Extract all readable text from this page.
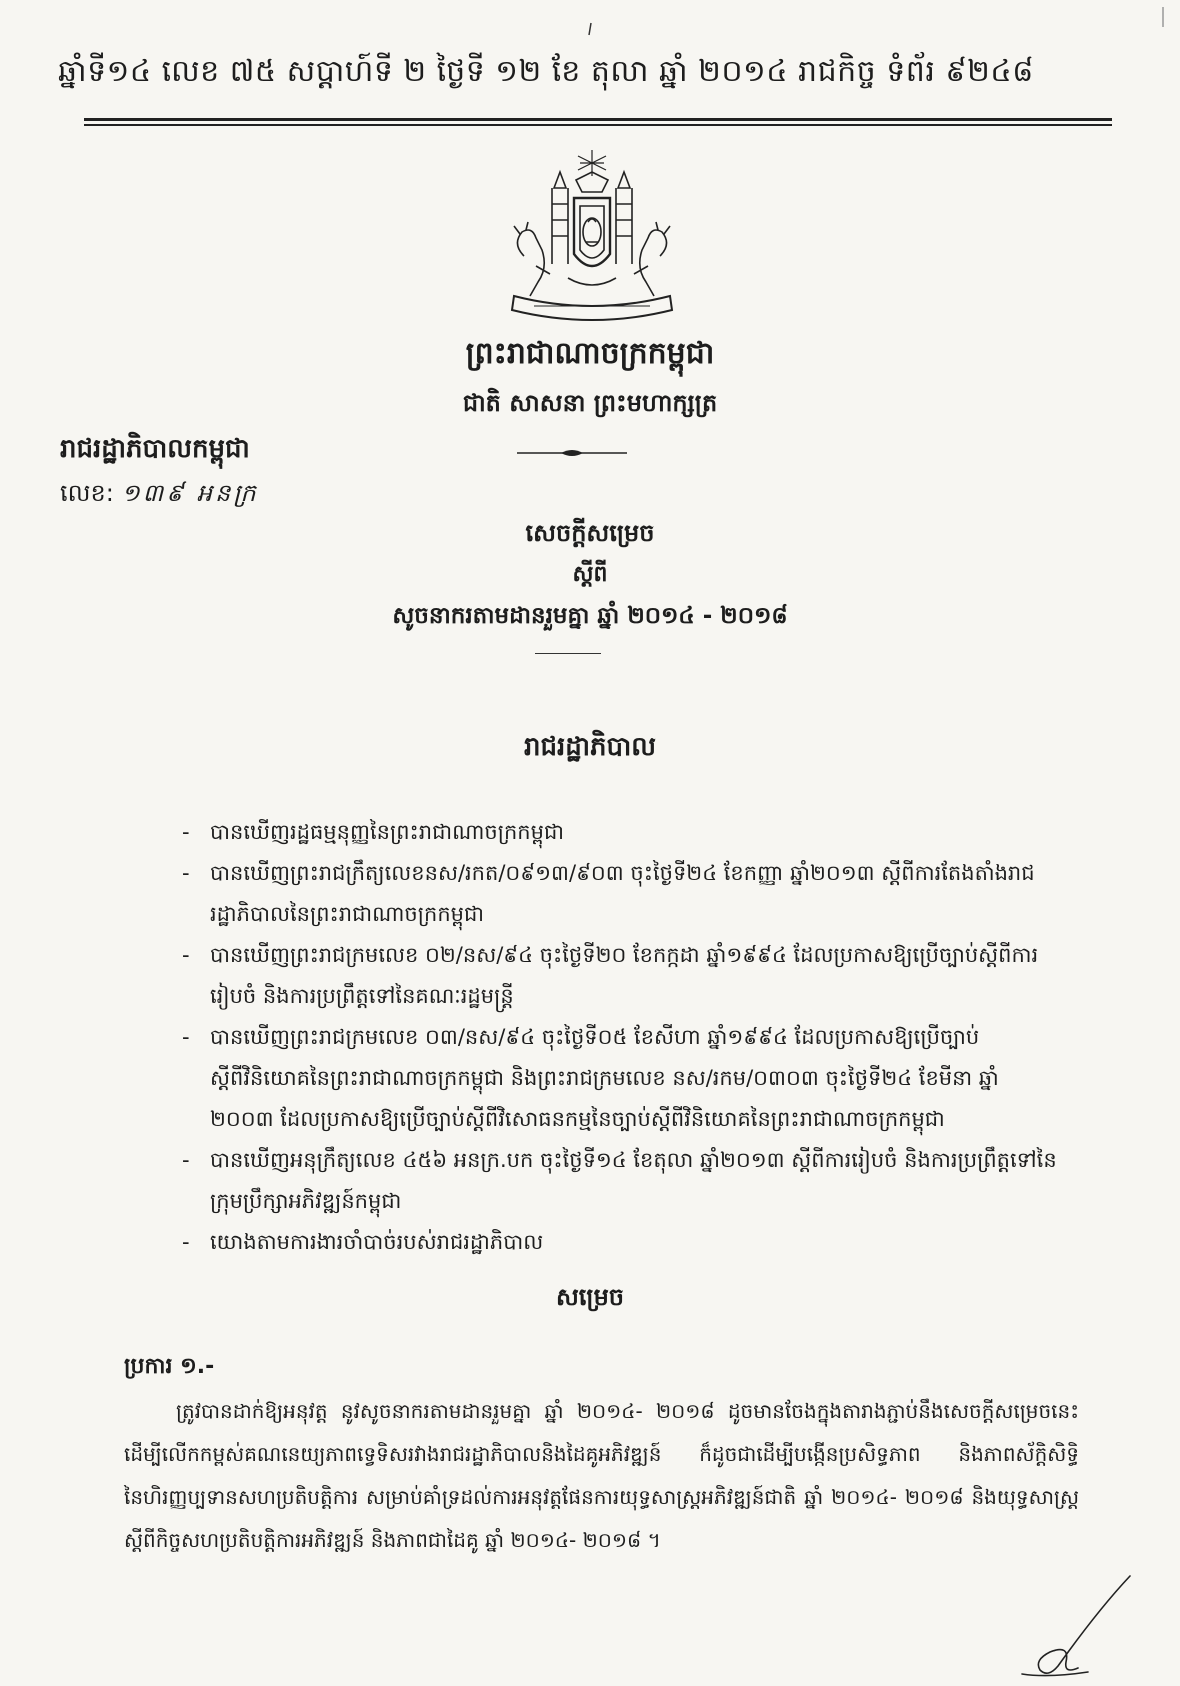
ឆ្នាំទី១៤ លេខ ៧៥ សប្តាហ៍ទី ២ ថ្ងៃទី ១២ ខែ តុលា ឆ្នាំ ២០១៤ រាជកិច្ច ទំព័រ ៩២៤៨
ព្រះរាជាណាចក្រកម្ពុជា
ជាតិ សាសនា ព្រះមហាក្សត្រ
រាជរដ្ឋាភិបាលកម្ពុជា
លេខ: ១៣៩ អនក្រ
សេចក្តីសម្រេច
ស្តីពី
សូចនាករតាមដានរួមគ្នា ឆ្នាំ ២០១៤ - ២០១៨
រាជរដ្ឋាភិបាល
- បានឃើញរដ្ឋធម្មនុញ្ញនៃព្រះរាជាណាចក្រកម្ពុជា
- បានឃើញព្រះរាជក្រឹត្យលេខនស/រកត/០៩១៣/៩០៣ ចុះថ្ងៃទី២៤ ខែកញ្ញា ឆ្នាំ២០១៣ ស្តីពីការតែងតាំងរាជរដ្ឋាភិបាលនៃព្រះរាជាណាចក្រកម្ពុជា
- បានឃើញព្រះរាជក្រមលេខ ០២/នស/៩៤ ចុះថ្ងៃទី២០ ខែកក្កដា ឆ្នាំ១៩៩៤ ដែលប្រកាសឱ្យប្រើច្បាប់ស្តីពីការរៀបចំ និងការប្រព្រឹត្តទៅនៃគណៈរដ្ឋមន្ត្រី
- បានឃើញព្រះរាជក្រមលេខ ០៣/នស/៩៤ ចុះថ្ងៃទី០៥ ខែសីហា ឆ្នាំ១៩៩៤ ដែលប្រកាសឱ្យប្រើច្បាប់ស្តីពីវិនិយោគនៃព្រះរាជាណាចក្រកម្ពុជា និងព្រះរាជក្រមលេខ នស/រកម/០៣០៣ ចុះថ្ងៃទី២៤ ខែមីនា ឆ្នាំ ២០០៣ ដែលប្រកាសឱ្យប្រើច្បាប់ស្តីពីវិសោធនកម្មនៃច្បាប់ស្តីពីវិនិយោគនៃព្រះរាជាណាចក្រកម្ពុជា
- បានឃើញអនុក្រឹត្យលេខ ៤៥៦ អនក្រ.បក ចុះថ្ងៃទី១៤ ខែតុលា ឆ្នាំ២០១៣ ស្តីពីការរៀបចំ និងការប្រព្រឹត្តទៅនៃក្រុមប្រឹក្សាអភិវឌ្ឍន៍កម្ពុជា
- យោងតាមការងារចាំបាច់របស់រាជរដ្ឋាភិបាល
សម្រេច
ប្រការ ១.-
ត្រូវបានដាក់ឱ្យអនុវត្ត នូវសូចនាករតាមដានរួមគ្នា ឆ្នាំ ២០១៤- ២០១៨ ដូចមានចែងក្នុងតារាងភ្ជាប់នឹងសេចក្តីសម្រេចនេះ ដើម្បីលើកកម្ពស់គណនេយ្យភាពទ្វេទិសរវាងរាជរដ្ឋាភិបាលនិងដៃគូអភិវឌ្ឍន៍ ក៏ដូចជាដើម្បីបង្កើនប្រសិទ្ធភាព និងភាពស័ក្តិសិទ្ធិនៃហិរញ្ញប្បទានសហប្រតិបត្តិការ សម្រាប់គាំទ្រដល់ការអនុវត្តផែនការយុទ្ធសាស្ត្រអភិវឌ្ឍន៍ជាតិ ឆ្នាំ ២០១៤- ២០១៨ និងយុទ្ធសាស្ត្រស្តីពីកិច្ចសហប្រតិបត្តិការអភិវឌ្ឍន៍ និងភាពជាដៃគូ ឆ្នាំ ២០១៤- ២០១៨ ។
